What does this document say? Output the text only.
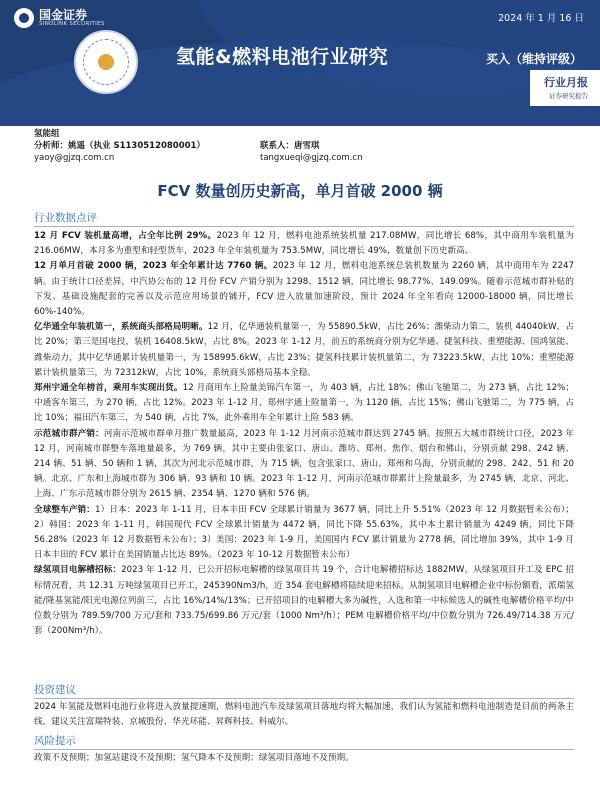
国金证券
SINOLINK SECURITIES	2024 年 1 月 16 日
氢能&燃料电池行业研究	买入（维持评级）
行业月报
证券研究报告
氢能组
分析师：姚遥（执业 S1130512080001）	联系人：唐雪琪
yaoy@gjzq.com.cn	tangxueqi@gjzq.com.cn
FCV 数量创历史新高，单月首破 2000 辆
行业数据点评

12 月 FCV 装机量高增，占全年比例 29%。2023 年 12 月，燃料电池系统装机量 217.08MW，同比增长 68%，其中商用车装机量为 216.06MW，本月多为重型和轻型货车，2023 年全年装机量为 753.5MW，同比增长 49%，数量创下历史新高。

12 月单月首破 2000 辆，2023 年全年累计达 7760 辆。2023 年 12 月，燃料电池系统总装机数量为 2260 辆，其中商用车为 2247 辆。由于统计口径差异，中汽协公布的 12 月份 FCV 产销分别为 1298、1512 辆，同比增长 98.77%、149.09%。随着示范城市群补贴的下发、基础设施配套的完善以及示范应用场景的铺开，FCV 进入放量加速阶段，预计 2024 年全年看向 12000-18000 辆，同比增长 60%-140%。

亿华通全年装机第一，系统商头部格局明晰。12 月，亿华通装机量第一，为 55890.5kW，占比 26%；潍柴动力第二，装机 44040kW，占比 20%；第三是国电投，装机 16408.5kW，占比 8%。2023 年 1-12 月，前五的系统商分别为亿华通、捷氢科技、重塑能源、国鸿氢能、潍柴动力，其中亿华通累计装机量第一，为 158995.6kW，占比 23%；捷氢科技累计装机量第二，为 73223.5kW，占比 10%；重塑能源累计装机量第三，为 72312kW，占比 10%，系统商头部格局基本全稳。

郑州宇通全年榜首，乘用车实现出货。12 月商用车上险量美锦汽车第一，为 403 辆，占比 18%；佛山飞驰第二，为 273 辆，占比 12%；中通客车第三，为 270 辆，占比 12%。2023 年 1-12 月，郑州宇通上险量第一，为 1120 辆，占比 15%；佛山飞驰第二，为 775 辆，占比 10%；福田汽车第三，为 540 辆，占比 7%，此外乘用车全年累计上险 583 辆。

示范城市群产销：河南示范城市群单月推广数量最高，2023 年 1-12 月河南示范城市群达到 2745 辆。按照五大城市群统计口径，2023 年 12 月，河南城市群整车落地量最多，为 769 辆，其中主要由张家口、唐山、潍坊、郑州、焦作、烟台和佛山，分别贡献 298、242 辆、214 辆、51 辆、50 辆和 1 辆，其次为河北示范城市群，为 715 辆，包含张家口、唐山、郑州和乌海，分别贡献的 298、242、51 和 20 辆。北京、广东和上海城市群为 306 辆、93 辆和 10 辆。2023 年 1-12 月，河南示范城市群累计上险量最多，为 2745 辆，北京、河北、上海、广东示范城市群分别为 2615 辆、2354 辆、1270 辆和 576 辆。

全球整车产销：1）日本：2023 年 1-11 月，日本丰田 FCV 全球累计销量为 3677 辆，同比上升 5.51%（2023 年 12 月数据暂未公布）；2）韩国：2023 年 1-11 月，韩国现代 FCV 全球累计销量为 4472 辆，同比下降 55.63%，其中本土累计销量为 4249 辆，同比下降 56.28%（2023 年 12 月数据暂未公布）；3）美国：2023 年 1-9 月，美国国内 FCV 累计销量为 2778 辆，同比增加 39%，其中 1-9 月日本丰田的 FCV 累计在美国销量占比达 89%。（2023 年 10-12 月数据暂未公布）

绿氢项目电解槽招标：2023 年 1-12 月，已公开招标电解槽的绿氢项目共 19 个，合计电解槽招标达 1882MW。从绿氢项目开工及 EPC 招标情况看，共 12.31 万吨绿氢项目已开工，245390Nm3/h，近 354 套电解槽将陆续迎来招标。从制氢项目电解槽企业中标份额看，派瑞氢能/隆基氢能/阳光电源位列前三，占比 16%/14%/13%；已开招项目的电解槽大多为碱性，入选和第一中标候选人的碱性电解槽价格平均/中位数分别为 789.59/700 万元/套和 733.75/699.86 万元/套（1000 Nm³/h）；PEM 电解槽价格平均/中位数分别为 726.49/714.38 万元/套（200Nm³/h）。

投资建议

2024 年氢能及燃料电池行业将进入放量提速期，燃料电池汽车及绿氢项目落地均将大幅加速，我们认为氢能和燃料电池制造是目前的两条主线，建议关注富瑞特装、京城股份、华光环能、昇辉科技、科威尔。

风险提示

政策不及预期；加氢站建设不及预期；氢气降本不及预期；绿氢项目落地不及预期。
